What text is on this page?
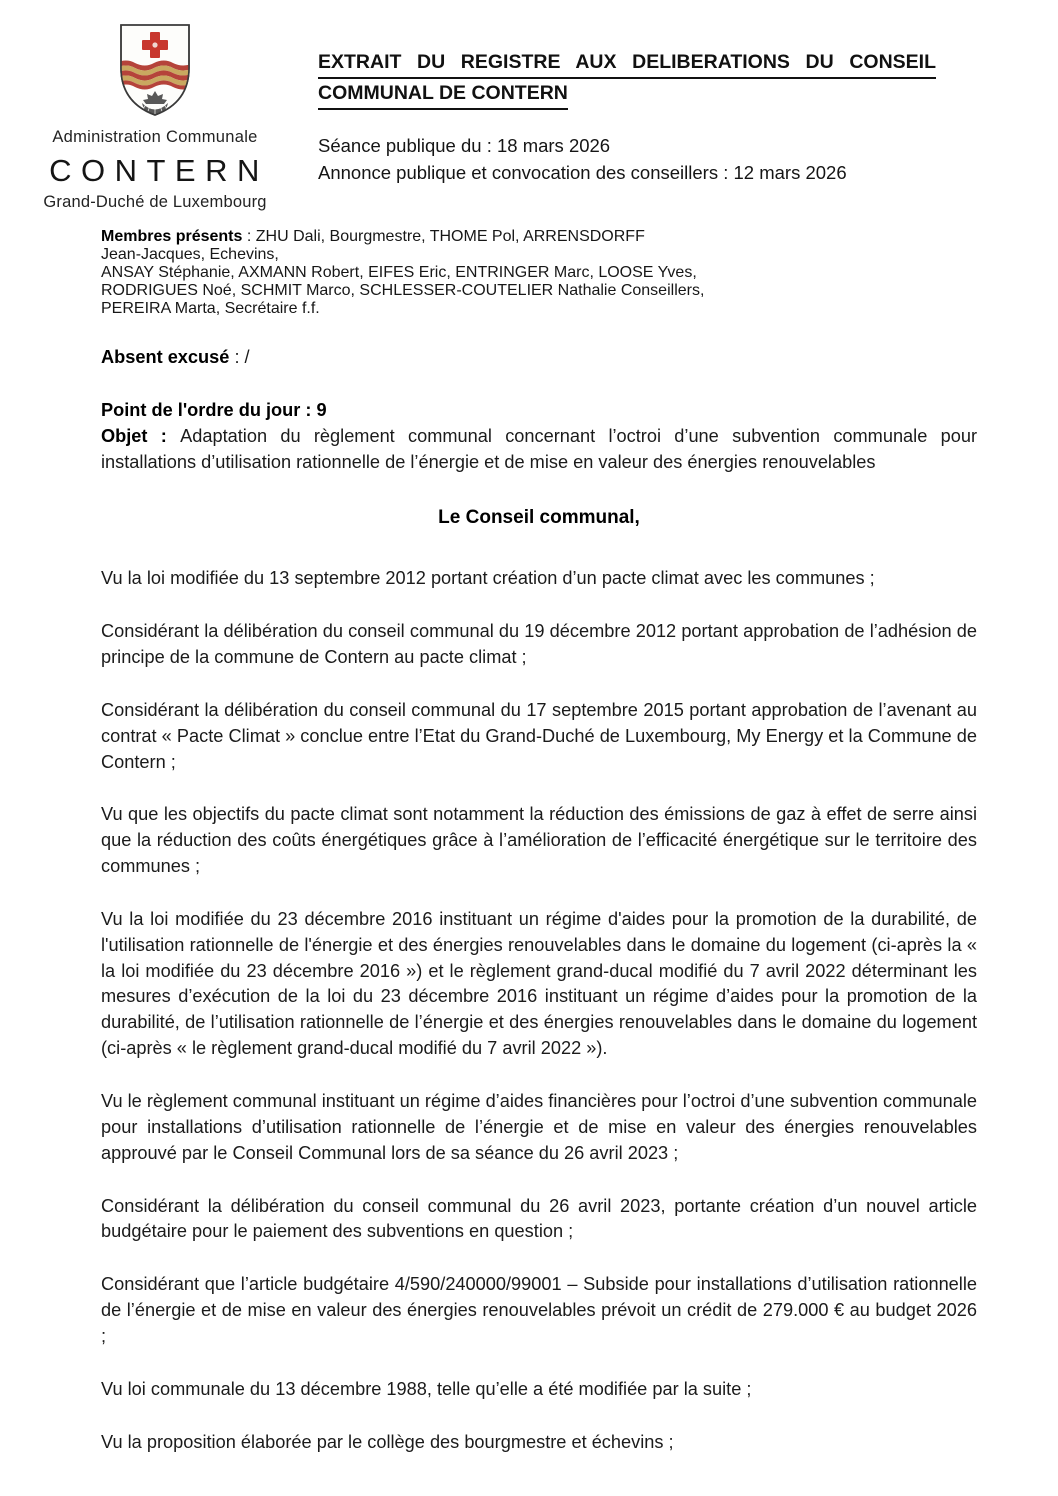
Administration Communale
CONTERN
Grand-Duché de Luxembourg
EXTRAIT DU REGISTRE AUX DELIBERATIONS DU CONSEIL
COMMUNAL DE CONTERN
Séance publique du : 18 mars 2026
Annonce publique et convocation des conseillers : 12 mars 2026
Membres présents : ZHU Dali, Bourgmestre, THOME Pol, ARRENSDORFF
Jean-Jacques, Echevins,
ANSAY Stéphanie, AXMANN Robert, EIFES Eric, ENTRINGER Marc, LOOSE Yves,
RODRIGUES Noé, SCHMIT Marco, SCHLESSER-COUTELIER Nathalie Conseillers,
PEREIRA Marta, Secrétaire f.f.

Absent excusé : /

Point de l'ordre du jour : 9

Objet : Adaptation du règlement communal concernant l’octroi d’une subvention communale pour installations d’utilisation rationnelle de l’énergie et de mise en valeur des énergies renouvelables

Le Conseil communal,

Vu la loi modifiée du 13 septembre 2012 portant création d’un pacte climat avec les communes ;

Considérant la délibération du conseil communal du 19 décembre 2012 portant approbation de l’adhésion de principe de la commune de Contern au pacte climat ;

Considérant la délibération du conseil communal du 17 septembre 2015 portant approbation de l’avenant au contrat « Pacte Climat » conclue entre l’Etat du Grand-Duché de Luxembourg, My Energy et la Commune de Contern ;

Vu que les objectifs du pacte climat sont notamment la réduction des émissions de gaz à effet de serre ainsi que la réduction des coûts énergétiques grâce à l’amélioration de l’efficacité énergétique sur le territoire des communes ;

Vu la loi modifiée du 23 décembre 2016 instituant un régime d'aides pour la promotion de la durabilité, de l'utilisation rationnelle de l'énergie et des énergies renouvelables dans le domaine du logement (ci-après la « la loi modifiée du 23 décembre 2016 ») et le règlement grand-ducal modifié du 7 avril 2022 déterminant les mesures d’exécution de la loi du 23 décembre 2016 instituant un régime d’aides pour la promotion de la durabilité, de l’utilisation rationnelle de l’énergie et des énergies renouvelables dans le domaine du logement (ci-après « le règlement grand-ducal modifié du 7 avril 2022 »).

Vu le règlement communal instituant un régime d’aides financières pour l’octroi d’une subvention communale pour installations d’utilisation rationnelle de l’énergie et de mise en valeur des énergies renouvelables approuvé par le Conseil Communal lors de sa séance du 26 avril 2023 ;

Considérant la délibération du conseil communal du 26 avril 2023, portante création d’un nouvel article budgétaire pour le paiement des subventions en question ;

Considérant que l’article budgétaire 4/590/240000/99001 – Subside pour installations d’utilisation rationnelle de l’énergie et de mise en valeur des énergies renouvelables prévoit un crédit de 279.000 € au budget 2026 ;

Vu loi communale du 13 décembre 1988, telle qu’elle a été modifiée par la suite ;

Vu la proposition élaborée par le collège des bourgmestre et échevins ;
